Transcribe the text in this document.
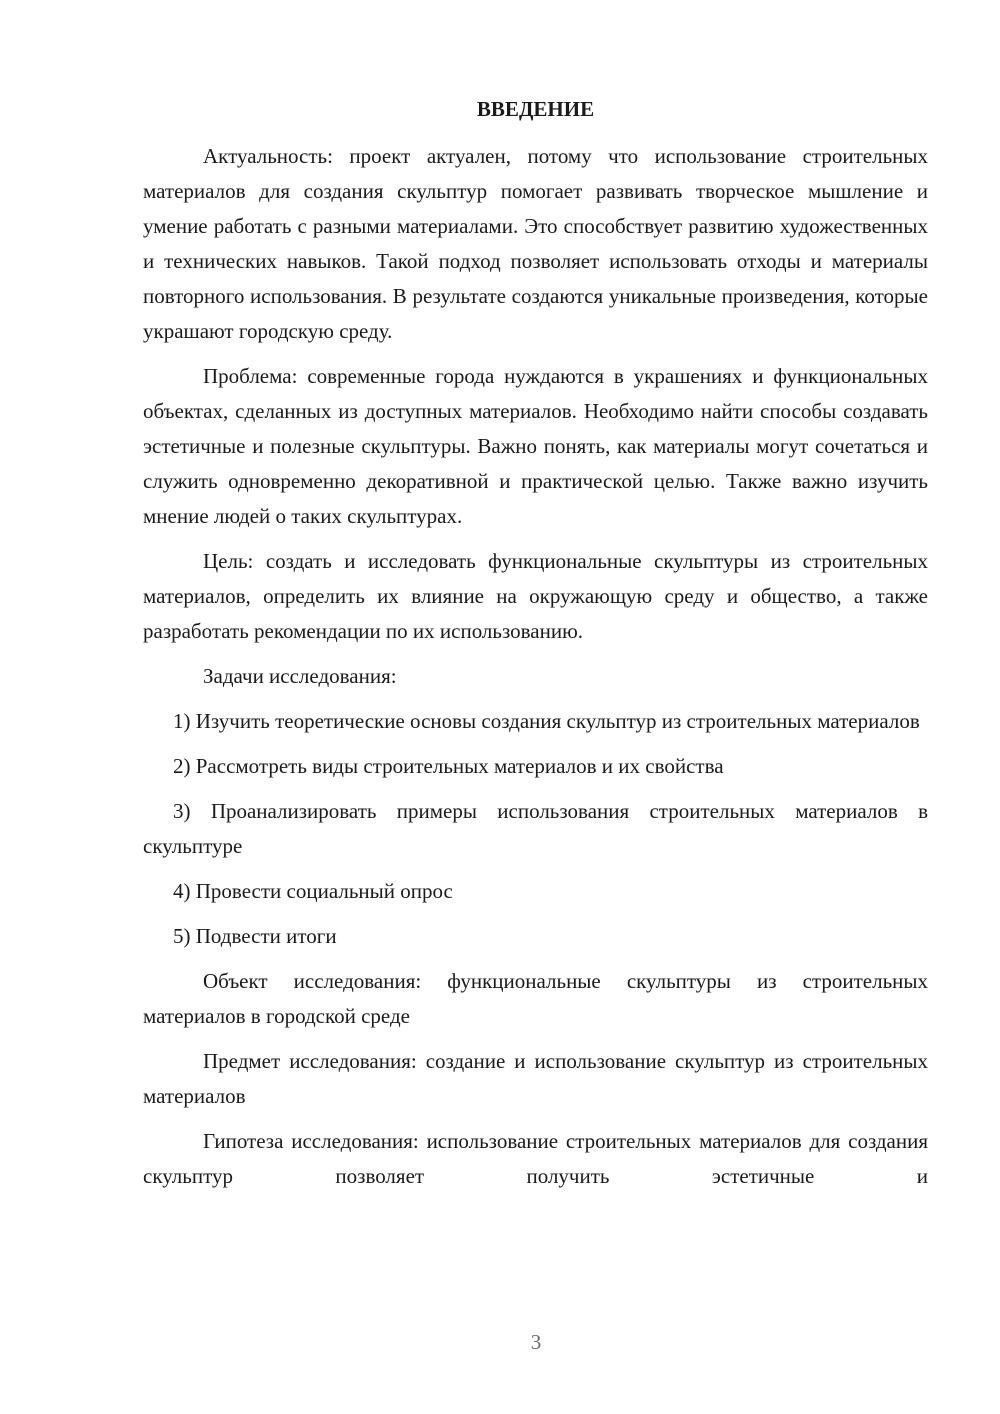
ВВЕДЕНИЕ

Актуальность: проект актуален, потому что использование строительных материалов для создания скульптур помогает развивать творческое мышление и умение работать с разными материалами. Это способствует развитию художественных и технических навыков. Такой подход позволяет использовать отходы и материалы повторного использования. В результате создаются уникальные произведения, которые украшают городскую среду.

Проблема: современные города нуждаются в украшениях и функциональных объектах, сделанных из доступных материалов. Необходимо найти способы создавать эстетичные и полезные скульптуры. Важно понять, как материалы могут сочетаться и служить одновременно декоративной и практической целью. Также важно изучить мнение людей о таких скульптурах.

Цель: создать и исследовать функциональные скульптуры из строительных материалов, определить их влияние на окружающую среду и общество, а также разработать рекомендации по их использованию.

Задачи исследования:

1) Изучить теоретические основы создания скульптур из строительных материалов

2) Рассмотреть виды строительных материалов и их свойства

3) Проанализировать примеры использования строительных материалов в скульптуре

4) Провести социальный опрос

5) Подвести итоги

Объект исследования: функциональные скульптуры из строительных материалов в городской среде

Предмет исследования: создание и использование скульптур из строительных материалов

Гипотеза исследования: использование строительных материалов для создания скульптур позволяет получить эстетичные и

3
